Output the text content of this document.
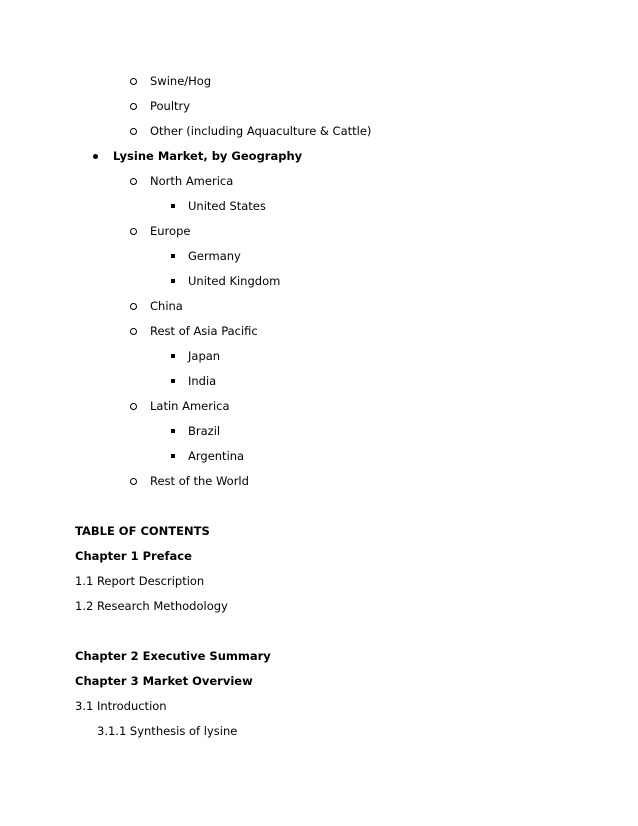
Swine/Hog
Poultry
Other (including Aquaculture & Cattle)
Lysine Market, by Geography
North America
United States
Europe
Germany
United Kingdom
China
Rest of Asia Pacific
Japan
India
Latin America
Brazil
Argentina
Rest of the World
TABLE OF CONTENTS
Chapter 1 Preface
1.1 Report Description
1.2 Research Methodology
Chapter 2 Executive Summary
Chapter 3 Market Overview
3.1 Introduction
3.1.1 Synthesis of lysine
